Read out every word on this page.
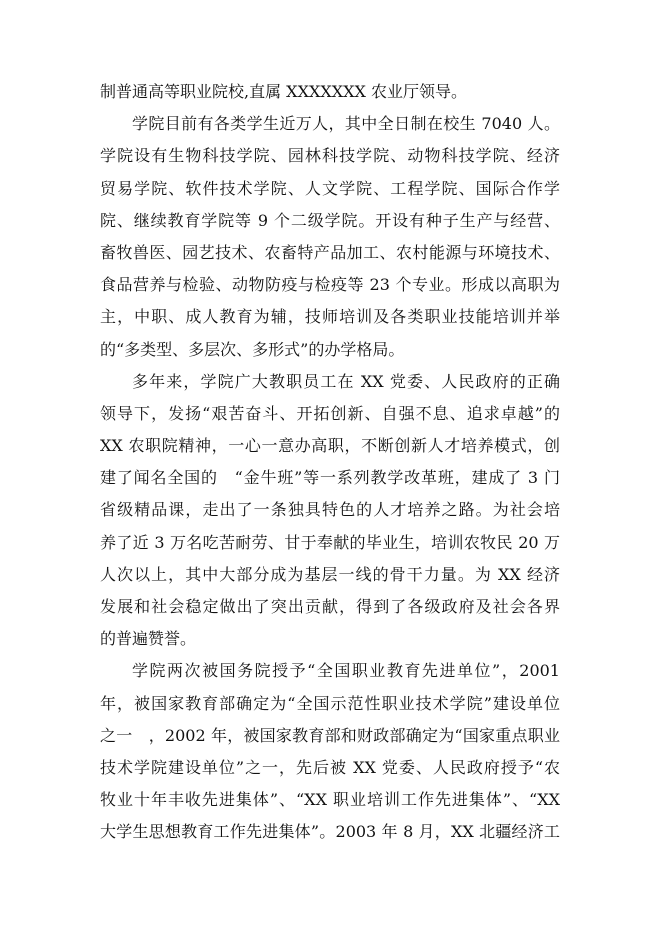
制普通高等职业院校,直属 XXXXXXX 农业厅领导。
学院目前有各类学生近万人，其中全日制在校生 7040 人。
学院设有生物科技学院、园林科技学院、动物科技学院、经济
贸易学院、软件技术学院、人文学院、工程学院、国际合作学
院、继续教育学院等 9 个二级学院。开设有种子生产与经营、
畜牧兽医、园艺技术、农畜特产品加工、农村能源与环境技术、
食品营养与检验、动物防疫与检疫等 23 个专业。形成以高职为
主，中职、成人教育为辅，技师培训及各类职业技能培训并举
的“多类型、多层次、多形式”的办学格局。
多年来，学院广大教职员工在 XX 党委、人民政府的正确
领导下，发扬“艰苦奋斗、开拓创新、自强不息、追求卓越”的
XX 农职院精神，一心一意办高职，不断创新人才培养模式，创
建了闻名全国的　“金牛班”等一系列教学改革班，建成了 3 门
省级精品课，走出了一条独具特色的人才培养之路。为社会培
养了近 3 万名吃苦耐劳、甘于奉献的毕业生，培训农牧民 20 万
人次以上，其中大部分成为基层一线的骨干力量。为 XX 经济
发展和社会稳定做出了突出贡献，得到了各级政府及社会各界
的普遍赞誉。
学院两次被国务院授予“全国职业教育先进单位”，2001
年，被国家教育部确定为“全国示范性职业技术学院”建设单位
之一　，2002 年，被国家教育部和财政部确定为“国家重点职业
技术学院建设单位”之一，先后被 XX 党委、人民政府授予“农
牧业十年丰收先进集体”、“XX 职业培训工作先进集体”、“XX
大学生思想教育工作先进集体”。2003 年 8 月，XX 北疆经济工
